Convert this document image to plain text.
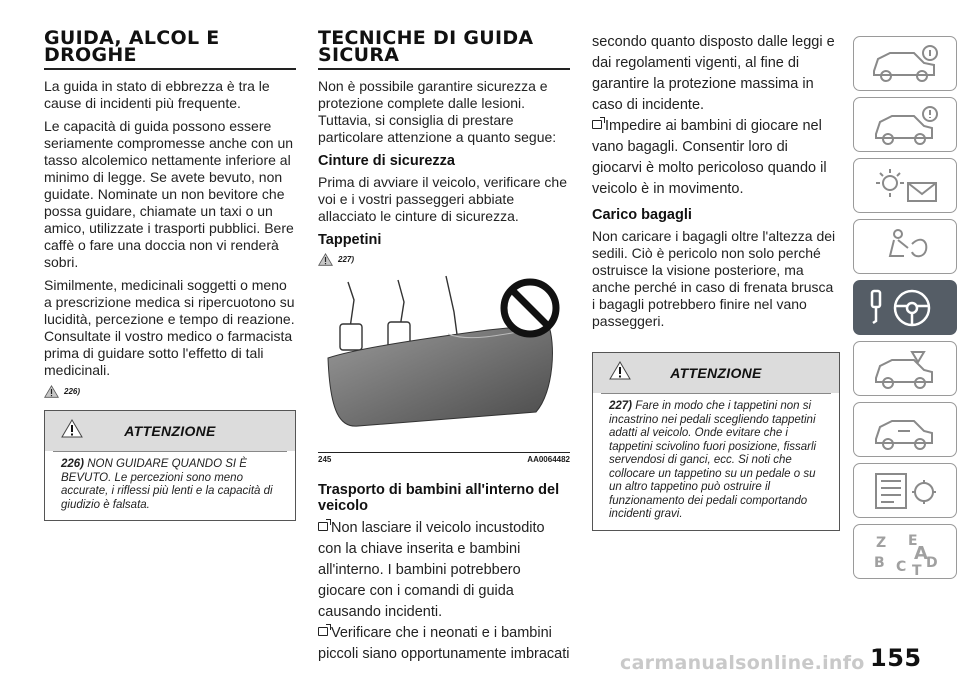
GUIDA, ALCOL E
DROGHE

La guida in stato di ebbrezza è tra le cause di incidenti più frequente.

Le capacità di guida possono essere seriamente compromesse anche con un tasso alcolemico nettamente inferiore al minimo di legge. Se avete bevuto, non guidate. Nominate un non bevitore che possa guidare, chiamate un taxi o un amico, utilizzate i trasporti pubblici. Bere caffè o fare una doccia non vi renderà sobri.

Similmente, medicinali soggetti o meno a prescrizione medica si ripercuotono su lucidità, percezione e tempo di reazione. Consultate il vostro medico o farmacista prima di guidare sotto l'effetto di tali medicinali.

226)
ATTENZIONE

226) NON GUIDARE QUANDO SI È BEVUTO. Le percezioni sono meno accurate, i riflessi più lenti e la capacità di giudizio è falsata.

TECNICHE DI GUIDA
SICURA

Non è possibile garantire sicurezza e protezione complete dalle lesioni. Tuttavia, si consiglia di prestare particolare attenzione a quanto segue:

Cinture di sicurezza

Prima di avviare il veicolo, verificare che voi e i vostri passeggeri abbiate allacciato le cinture di sicurezza.

Tappetini
227)
245	AA0064482
Trasporto di bambini all'interno del veicolo
Non lasciare il veicolo incustodito con la chiave inserita e bambini all'interno. I bambini potrebbero giocare con i comandi di guida causando incidenti.
Verificare che i neonati e i bambini piccoli siano opportunamente imbracati
secondo quanto disposto dalle leggi e dai regolamenti vigenti, al fine di garantire la protezione massima in caso di incidente.
Impedire ai bambini di giocare nel vano bagagli. Consentir loro di giocarvi è molto pericoloso quando il veicolo è in movimento.
Carico bagagli

Non caricare i bagagli oltre l'altezza dei sedili. Ciò è pericolo non solo perché ostruisce la visione posteriore, ma anche perché in caso di frenata brusca i bagagli potrebbero finire nel vano passeggeri.

ATTENZIONE

227) Fare in modo che i tappetini non si incastrino nei pedali scegliendo tappetini adatti al veicolo. Onde evitare che i tappetini scivolino fuori posizione, fissarli servendosi di ganci, ecc. Si noti che collocare un tappetino su un pedale o su un altro tappetino può ostruire il funzionamento dei pedali comportando incidenti gravi.

Z E
B C T D
A
155
carmanualsonline.info
